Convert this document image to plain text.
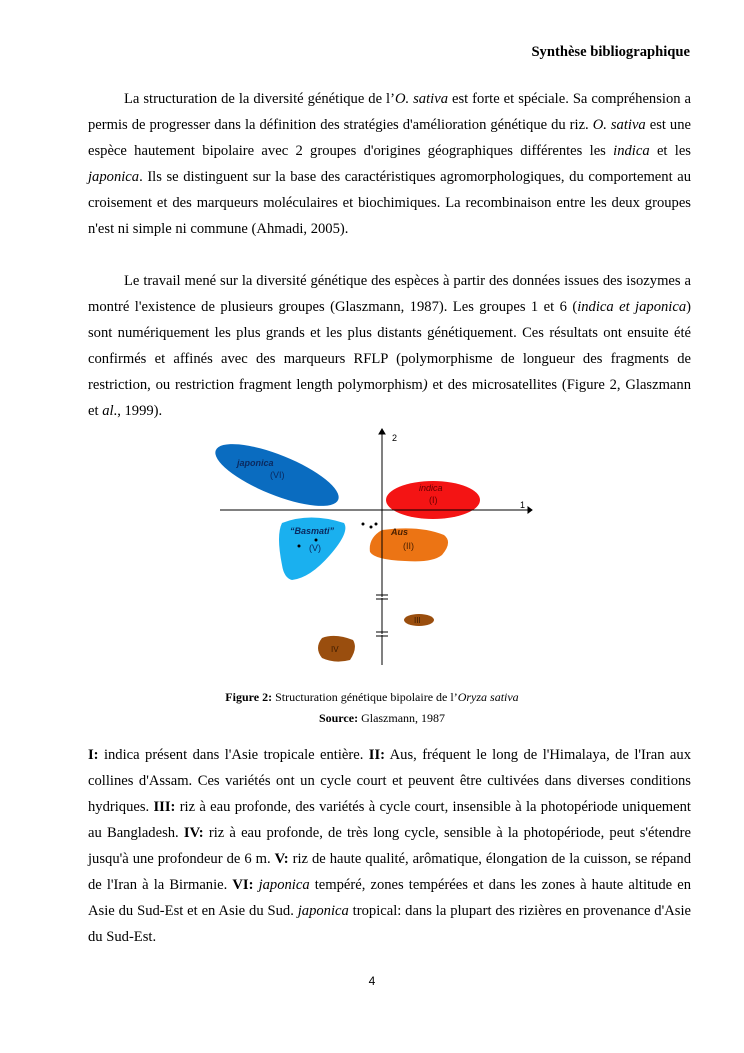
Synthèse bibliographique

La structuration de la diversité génétique de l’O. sativa est forte et spéciale. Sa compréhension a permis de progresser dans la définition des stratégies d'amélioration génétique du riz. O. sativa est une espèce hautement bipolaire avec 2 groupes d'origines géographiques différentes les indica et les japonica. Ils se distinguent sur la base des caractéristiques agromorphologiques, du comportement au croisement et des marqueurs moléculaires et biochimiques. La recombinaison entre les deux groupes n'est ni simple ni commune (Ahmadi, 2005).

Le travail mené sur la diversité génétique des espèces à partir des données issues des isozymes a montré l'existence de plusieurs groupes (Glaszmann, 1987). Les groupes 1 et 6 (indica et japonica) sont numériquement les plus grands et les plus distants génétiquement. Ces résultats ont ensuite été confirmés et affinés avec des marqueurs RFLP (polymorphisme de longueur des fragments de restriction, ou restriction fragment length polymorphism) et des microsatellites (Figure 2, Glaszmann et al., 1999).

2
1
japonica
(VI)
indica
(I)
“Basmati”
(V)
Aus
(II)
III
IV
Figure 2: Structuration génétique bipolaire de l’Oryza sativa
Source: Glaszmann, 1987

I: indica présent dans l'Asie tropicale entière. II: Aus, fréquent le long de l'Himalaya, de l'Iran aux collines d'Assam. Ces variétés ont un cycle court et peuvent être cultivées dans diverses conditions hydriques. III: riz à eau profonde, des variétés à cycle court, insensible à la photopériode uniquement au Bangladesh. IV: riz à eau profonde, de très long cycle, sensible à la photopériode, peut s'étendre jusqu'à une profondeur de 6 m. V: riz de haute qualité, arômatique, élongation de la cuisson, se répand de l'Iran à la Birmanie. VI: japonica tempéré, zones tempérées et dans les zones à haute altitude en Asie du Sud-Est et en Asie du Sud. japonica tropical: dans la plupart des rizières en provenance d'Asie du Sud-Est.

4
